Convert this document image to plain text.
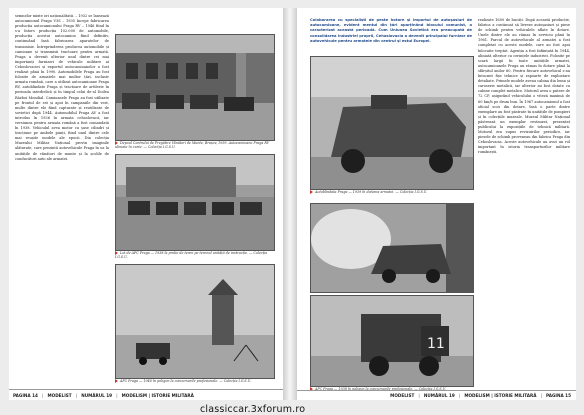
semnelor mixte ori naționalitatii. – 1932 se lansează autocamionul Praga V3S – 1935 începe fabricarea producția autocamionului Praga RV – 1946 fiind în s-a întors producția 102.000 de automobile, producția acestui autocamion fiind definitiv, continuând însă fabricarea aparatelor de transmisie. Întreprinderea producea automobile și camioane și transmisii tractoare pentru armată. Praga a devenit ulterior unul dintre cei mai importanți furnizori de vehicule militare ai Cehoslovaciei și exportul autocamioanelor a fost realizat până în 1990. Automobilele Praga au fost folosite de armatele mai multor țări, inclusiv armata română, care a utilizat autocamioane Praga RV, autoblindate Praga și tractoare de artilerie în perioada interbelică și în timpul celui de-al Doilea Război Mondial. Camioanele Praga au fost utilizate pe frontul de est și apoi în campaniile din vest, multe dintre ele fiind capturate și reutilizate de sovietici după 1944. Automobilul Praga AV a fost introdus în 1936 în armata cehoslovacă, iar versiunea pentru armata română a fost comandată în 1938. Vehiculul avea motor cu șase cilindri și tracțiune pe ambele punți, fiind unul dintre cele mai reușite modele ale epocii. Din colecția Muzeului Militar Național provin imaginile alăturate, care prezintă autovehicule Praga în uz la unitățile de vânători de munte și la școlile de conducători auto ale armatei.

Depoul Centrului de Pregătire Vânători de Munte, Brașov, 1939. Autocamioane Praga RV aliniate în curte. — Colecția I.G.S.U.
Lot de APC Praga — 1938 la probe de teren pe terenul unității de instrucție. — Colecția I.G.S.U.
APC Praga — 1940 în poligon la concursurile profesionale. — Colecția I.G.S.U.
PAGINA 14 | MODELIST | NUMĂRUL 19 | MODELISM | ISTORIE MILITARĂ
Colaborarea cu specialiști de peste hotare și importul de autoșasiuri de autocamioane, evident mentul din țări aparținând blocului comunist, a caracterizat această perioadă. Cum Uniunea Sovietică era preocupată de consolidarea industriei proprii, Cehoslovacia a devenit principalul furnizor de autovehicule pentru armatele din centrul și estul Europei.
Autoblindata Praga — 1939 în dotarea armatei. — Colecția I.G.S.U.
11
APC Praga — 1938 în poligon la concursurile profesionale. — Colecția I.G.S.U.

realizate 1600 de bucăți. După această producție, fabrica a continuat să livreze autoșasiuri și piese de schimb pentru vehiculele aflate în dotare. Unele dintre ele au rămas în serviciu până în 1961. Parcul de autovehicule al armatei a fost completat cu aceste modele, care au fost apoi înlocuite treptat. Agenția a fost înființată în 1944, aliniată ulterior cu cerințele industriei. Folosite pe scară largă în toate unitățile armatei, autocamioanele Praga au rămas în dotare până la sfârșitul anilor 60. Pentru fiecare autovehicul s-au întocmit fișe tehnice și rapoarte de exploatare detaliate. Primele modele aveau cabina din lemn și caroserie metalică, iar ulterior au fost dotate cu cabine complet metalice. Motorul avea o putere de 72 CP, asigurând vehiculului o viteză maximă de 60 km/h pe drum bun. În 1967 autocamionul a fost oficial scos din dotare, însă o parte dintre exemplare au fost păstrate în unitățile de pompieri și în colecțiile muzeale. Muzeul Militar Național păstrează un exemplar restaurat, prezentat publicului la expozițiile de tehnică militară. Motorul era supus revizuirilor periodice, iar piesele de schimb proveneau din fabrica Praga din Cehoslovacia. Aceste autovehicule au avut un rol important în istoria transporturilor militare românești.

MODELIST | NUMĂRUL 19 | MODELISM | ISTORIE MILITARĂ | PAGINA 15
classiccar.3xforum.ro
